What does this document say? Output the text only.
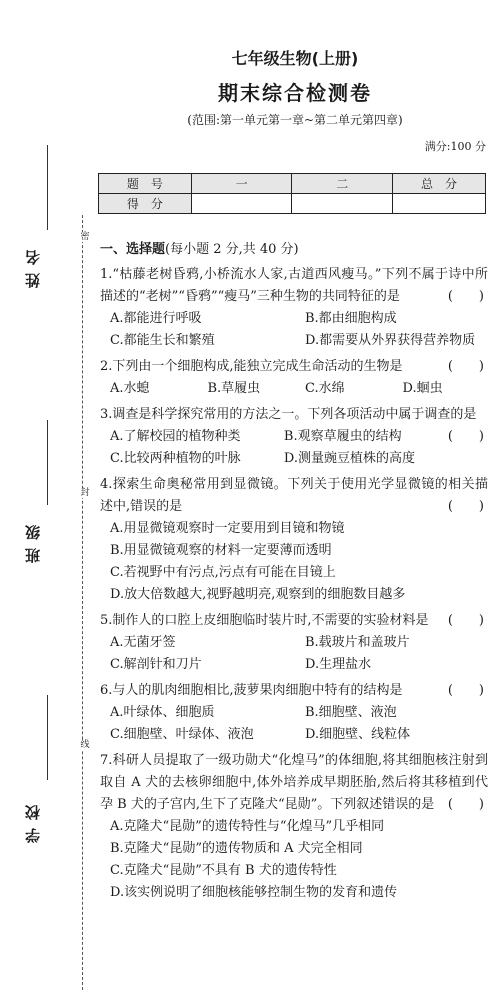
密
封
线
姓名
班级
学校
七年级生物(上册)
期末综合检测卷
(范围:第一单元第一章~第二单元第四章)
满分:100 分
题　号	一	二	总　分
得　分			
一、选择题(每小题 2 分,共 40 分)
1.“枯藤老树昏鸦,小桥流水人家,古道西风瘦马。”下列不属于诗中所描述的“老树”“昏鸦”“瘦马”三种生物的共同特征的是	(　　)
A.都能进行呼吸	B.都由细胞构成
C.都能生长和繁殖	D.都需要从外界获得营养物质
2.下列由一个细胞构成,能独立完成生命活动的生物是	(　　)
A.水螅	B.草履虫	C.水绵	D.蛔虫
3.调查是科学探究常用的方法之一。下列各项活动中属于调查的是
(　　)
A.了解校园的植物种类	B.观察草履虫的结构
C.比较两种植物的叶脉	D.测量豌豆植株的高度
4.探索生命奥秘常用到显微镜。下列关于使用光学显微镜的相关描述中,错误的是	(　　)
A.用显微镜观察时一定要用到目镜和物镜
B.用显微镜观察的材料一定要薄而透明
C.若视野中有污点,污点有可能在目镜上
D.放大倍数越大,视野越明亮,观察到的细胞数目越多
5.制作人的口腔上皮细胞临时装片时,不需要的实验材料是 (　　)
A.无菌牙签	B.载玻片和盖玻片
C.解剖针和刀片	D.生理盐水
6.与人的肌肉细胞相比,菠萝果肉细胞中特有的结构是	(　　)
A.叶绿体、细胞质	B.细胞壁、液泡
C.细胞壁、叶绿体、液泡	D.细胞壁、线粒体
7.科研人员提取了一级功勋犬“化煌马”的体细胞,将其细胞核注射到取自 A 犬的去核卵细胞中,体外培养成早期胚胎,然后将其移植到代孕 B 犬的子宫内,生下了克隆犬“昆勋”。下列叙述错误的是 (　　)
A.克隆犬“昆勋”的遗传特性与“化煌马”几乎相同
B.克隆犬“昆勋”的遗传物质和 A 犬完全相同
C.克隆犬“昆勋”不具有 B 犬的遗传特性
D.该实例说明了细胞核能够控制生物的发育和遗传
